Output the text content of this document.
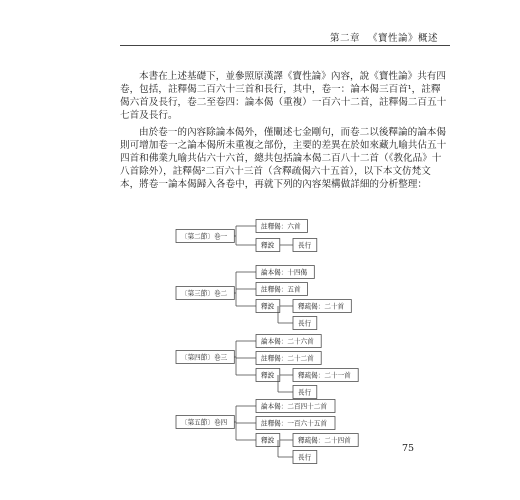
第二章 《寶性論》概述

本書在上述基礎下，並參照原漢譯《寶性論》內容，說《寶性論》共有四卷，包括，註釋偈二百六十三首和長行，其中，卷一：論本偈三百首¹，註釋偈六首及長行，卷二至卷四：論本偈（重複）一百六十二首，註釋偈二百五十七首及長行。

由於卷一的內容除論本偈外，僅闡述七金剛句，而卷二以後釋論的論本偈則可增加卷一之論本偈所未重複之部份，主要的差異在於如來藏九喻共佔五十四首和佛業九喻共佔六十六首，總共包括論本偈二百八十二首（《教化品》十八首除外），註釋偈²二百六十三首（含釋疏偈六十五首），以下本文仿梵文本，將卷一論本偈歸入各卷中，再就下列的內容架構做詳細的分析整理：

〔第二節〕卷一
註釋偈：六首
釋說	長行
〔第三節〕卷二
論本偈：十四偈
註釋偈：五首
釋說	釋疏偈：二十首
長行
〔第四節〕卷三
論本偈：二十六首
註釋偈：二十二首
釋說	釋疏偈：二十一首
長行
〔第五節〕卷四
論本偈：二百四十二首
註釋偈：一百六十五首
釋說	釋疏偈：二十四首
長行
75
